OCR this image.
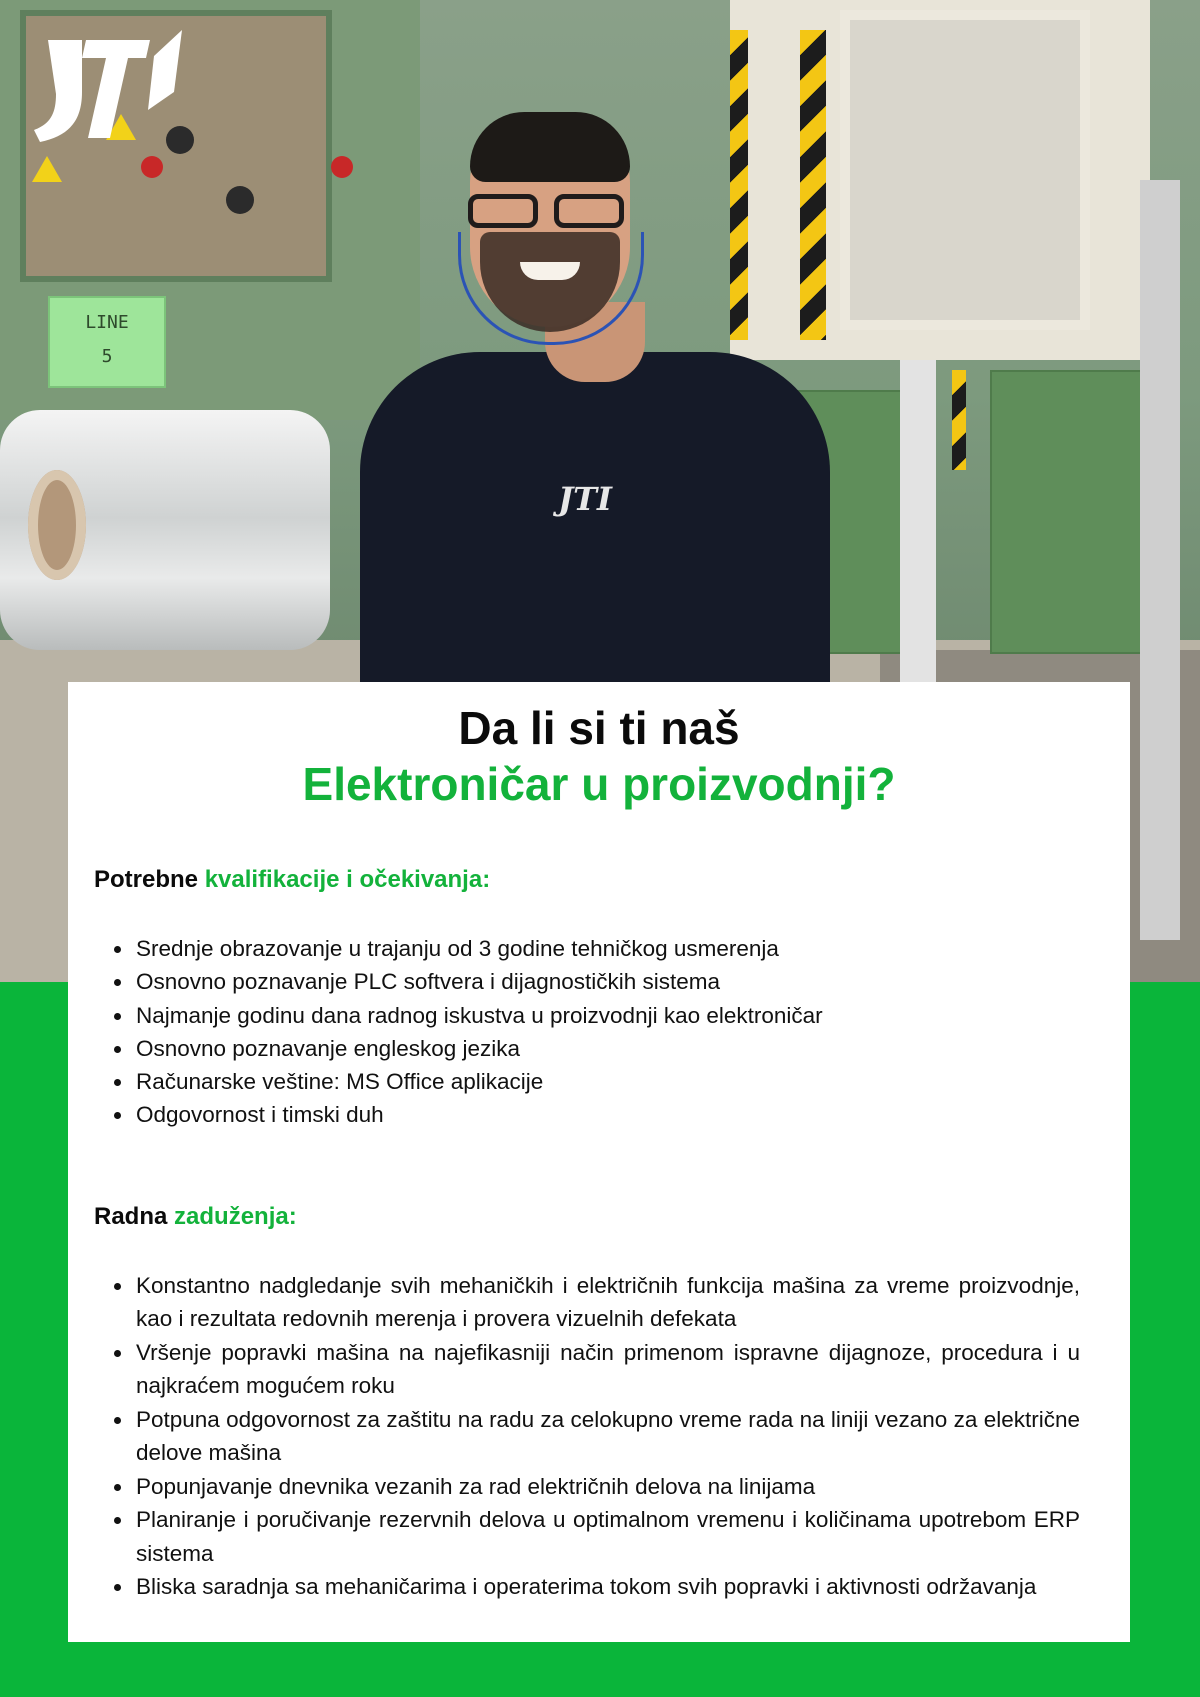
LINE
5
JTI
Da li si ti naš
Elektroničar u proizvodnji?

Potrebne kvalifikacije i očekivanja:

• Srednje obrazovanje u trajanju od 3 godine tehničkog usmerenja
• Osnovno poznavanje PLC softvera i dijagnostičkih sistema
• Najmanje godinu dana radnog iskustva u proizvodnji kao elektroničar
• Osnovno poznavanje engleskog jezika
• Računarske veštine: MS Office aplikacije
• Odgovornost i timski duh

Radna zaduženja:

• Konstantno nadgledanje svih mehaničkih i električnih funkcija mašina za vreme proizvodnje, kao i rezultata redovnih merenja i provera vizuelnih defekata
• Vršenje popravki mašina na najefikasniji način primenom ispravne dijagnoze, procedura i u najkraćem mogućem roku
• Potpuna odgovornost za zaštitu na radu za celokupno vreme rada na liniji vezano za električne delove mašina
• Popunjavanje dnevnika vezanih za rad električnih delova na linijama
• Planiranje i poručivanje rezervnih delova u optimalnom vremenu i količinama upotrebom ERP sistema
• Bliska saradnja sa mehaničarima i operaterima tokom svih popravki i aktivnosti održavanja
